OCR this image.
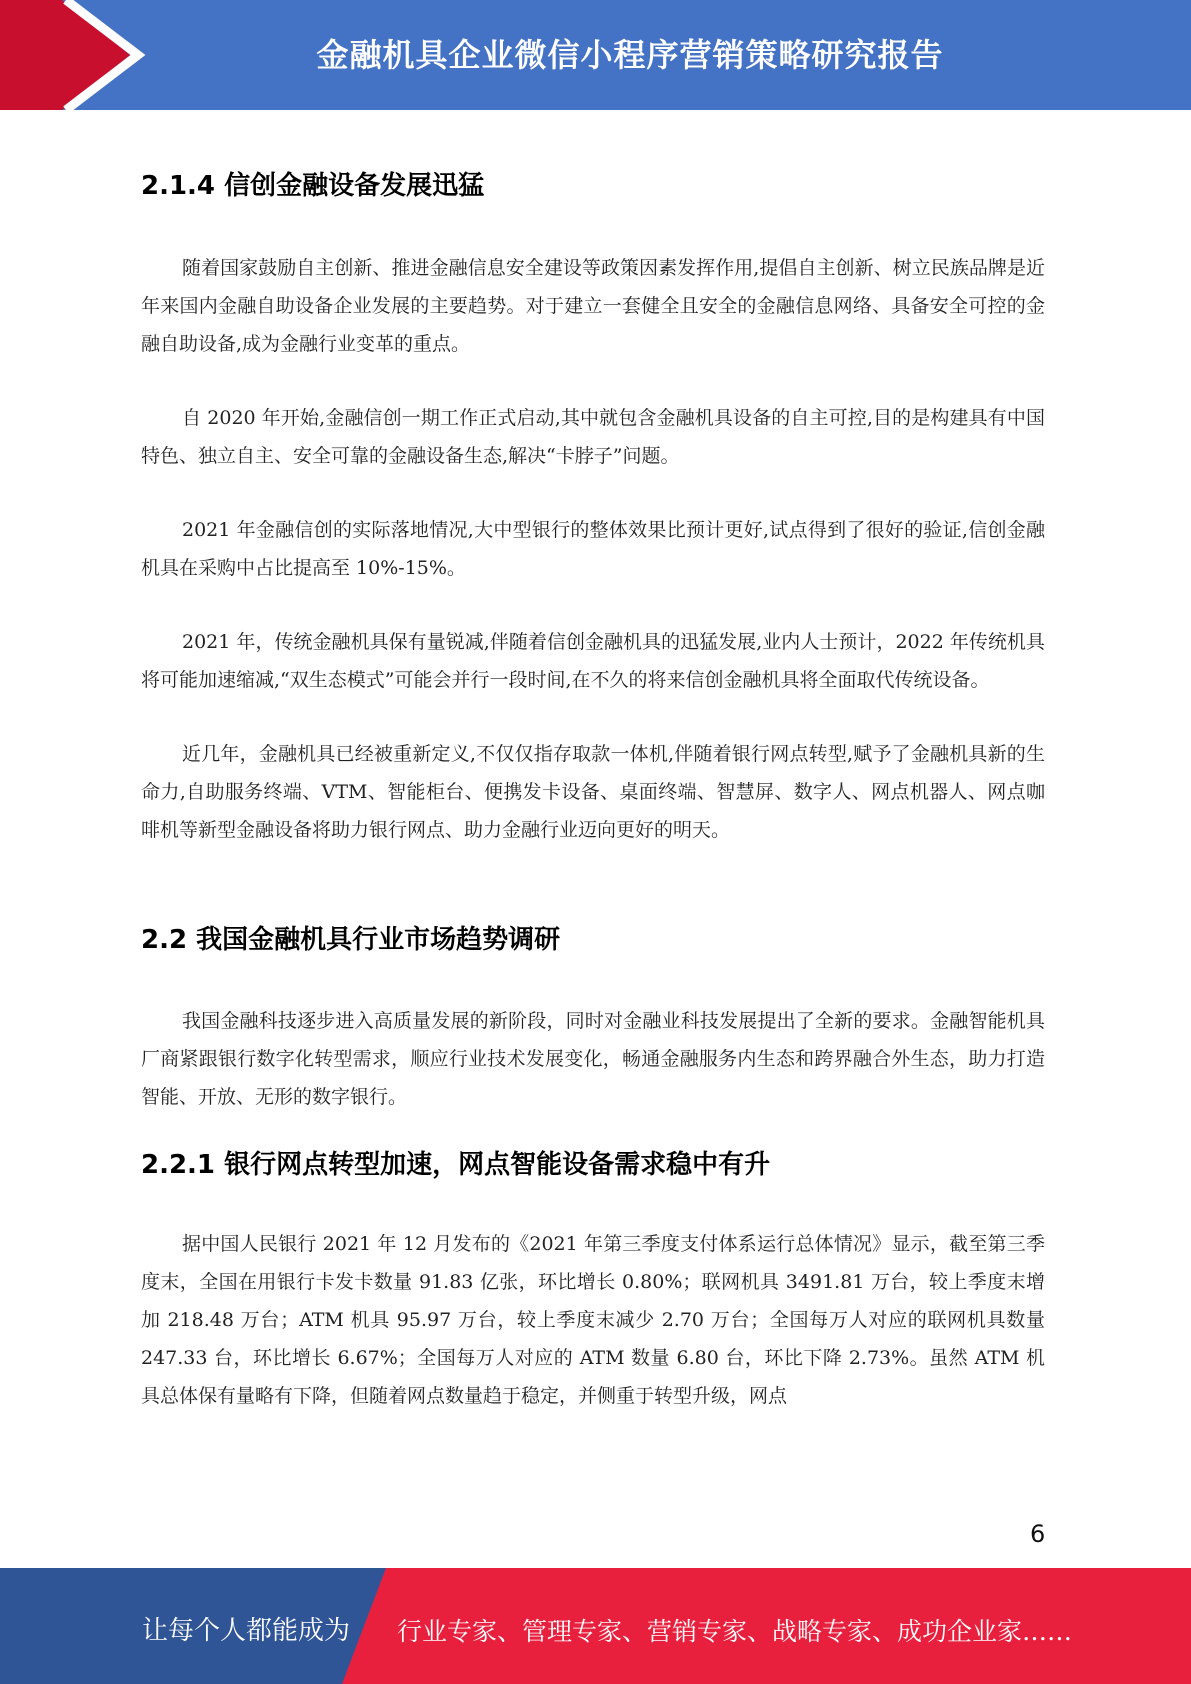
金融机具企业微信小程序营销策略研究报告
2.1.4 信创金融设备发展迅猛

随着国家鼓励自主创新、推进金融信息安全建设等政策因素发挥作用,提倡自主创新、树立民族品牌是近年来国内金融自助设备企业发展的主要趋势。对于建立一套健全且安全的金融信息网络、具备安全可控的金融自助设备,成为金融行业变革的重点。

自 2020 年开始,金融信创一期工作正式启动,其中就包含金融机具设备的自主可控,目的是构建具有中国特色、独立自主、安全可靠的金融设备生态,解决“卡脖子”问题。

2021 年金融信创的实际落地情况,大中型银行的整体效果比预计更好,试点得到了很好的验证,信创金融机具在采购中占比提高至 10%-15%。

2021 年，传统金融机具保有量锐减,伴随着信创金融机具的迅猛发展,业内人士预计，2022 年传统机具将可能加速缩减,“双生态模式”可能会并行一段时间,在不久的将来信创金融机具将全面取代传统设备。

近几年，金融机具已经被重新定义,不仅仅指存取款一体机,伴随着银行网点转型,赋予了金融机具新的生命力,自助服务终端、VTM、智能柜台、便携发卡设备、桌面终端、智慧屏、数字人、网点机器人、网点咖啡机等新型金融设备将助力银行网点、助力金融行业迈向更好的明天。

2.2 我国金融机具行业市场趋势调研

我国金融科技逐步进入高质量发展的新阶段，同时对金融业科技发展提出了全新的要求。金融智能机具厂商紧跟银行数字化转型需求，顺应行业技术发展变化，畅通金融服务内生态和跨界融合外生态，助力打造智能、开放、无形的数字银行。

2.2.1 银行网点转型加速，网点智能设备需求稳中有升

据中国人民银行 2021 年 12 月发布的《2021 年第三季度支付体系运行总体情况》显示，截至第三季度末，全国在用银行卡发卡数量 91.83 亿张，环比增长 0.80%；联网机具 3491.81 万台，较上季度末增加 218.48 万台；ATM 机具 95.97 万台，较上季度末减少 2.70 万台；全国每万人对应的联网机具数量 247.33 台，环比增长 6.67%；全国每万人对应的 ATM 数量 6.80 台，环比下降 2.73%。虽然 ATM 机具总体保有量略有下降，但随着网点数量趋于稳定，并侧重于转型升级，网点

6
让每个人都能成为 行业专家、管理专家、营销专家、战略专家、成功企业家……
